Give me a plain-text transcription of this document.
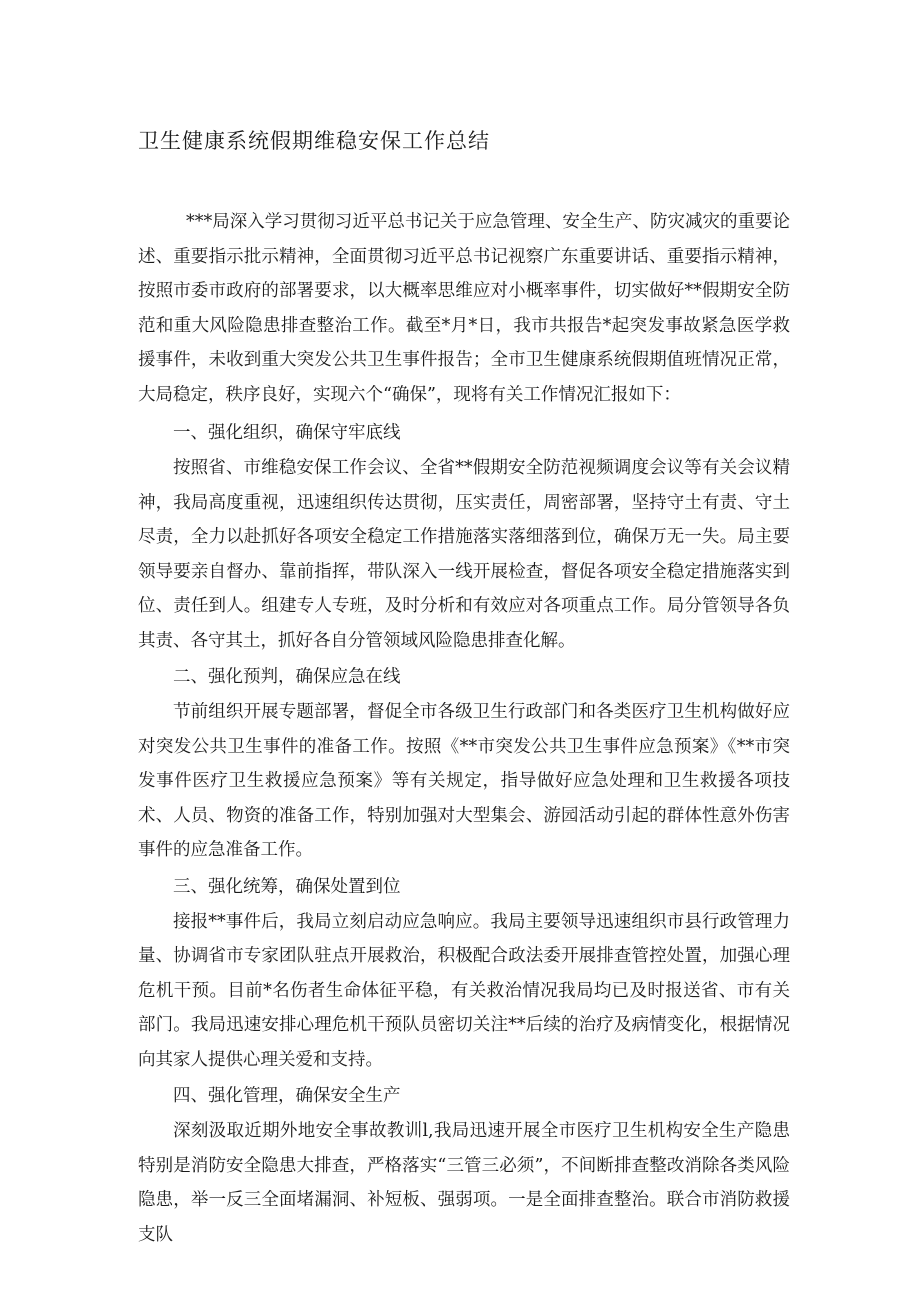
卫生健康系统假期维稳安保工作总结

***局深入学习贯彻习近平总书记关于应急管理、安全生产、防灾减灾的重要论述、重要指示批示精神，全面贯彻习近平总书记视察广东重要讲话、重要指示精神，按照市委市政府的部署要求，以大概率思维应对小概率事件，切实做好**假期安全防范和重大风险隐患排查整治工作。截至*月*日，我市共报告*起突发事故紧急医学救援事件，未收到重大突发公共卫生事件报告；全市卫生健康系统假期值班情况正常，大局稳定，秩序良好，实现六个“确保”，现将有关工作情况汇报如下：

一、强化组织，确保守牢底线

按照省、市维稳安保工作会议、全省**假期安全防范视频调度会议等有关会议精神，我局高度重视，迅速组织传达贯彻，压实责任，周密部署，坚持守土有责、守土尽责，全力以赴抓好各项安全稳定工作措施落实落细落到位，确保万无一失。局主要领导要亲自督办、靠前指挥，带队深入一线开展检查，督促各项安全稳定措施落实到位、责任到人。组建专人专班，及时分析和有效应对各项重点工作。局分管领导各负其责、各守其土，抓好各自分管领域风险隐患排查化解。

二、强化预判，确保应急在线

节前组织开展专题部署，督促全市各级卫生行政部门和各类医疗卫生机构做好应对突发公共卫生事件的准备工作。按照《**市突发公共卫生事件应急预案》《**市突发事件医疗卫生救援应急预案》等有关规定，指导做好应急处理和卫生救援各项技术、人员、物资的准备工作，特别加强对大型集会、游园活动引起的群体性意外伤害事件的应急准备工作。

三、强化统筹，确保处置到位

接报**事件后，我局立刻启动应急响应。我局主要领导迅速组织市县行政管理力量、协调省市专家团队驻点开展救治，积极配合政法委开展排查管控处置，加强心理危机干预。目前*名伤者生命体征平稳，有关救治情况我局均已及时报送省、市有关部门。我局迅速安排心理危机干预队员密切关注**后续的治疗及病情变化，根据情况向其家人提供心理关爱和支持。

四、强化管理，确保安全生产

深刻汲取近期外地安全事故教训l,我局迅速开展全市医疗卫生机构安全生产隐患特别是消防安全隐患大排查，严格落实“三管三必须”，不间断排查整改消除各类风险隐患，举一反三全面堵漏洞、补短板、强弱项。一是全面排查整治。联合市消防救援支队
